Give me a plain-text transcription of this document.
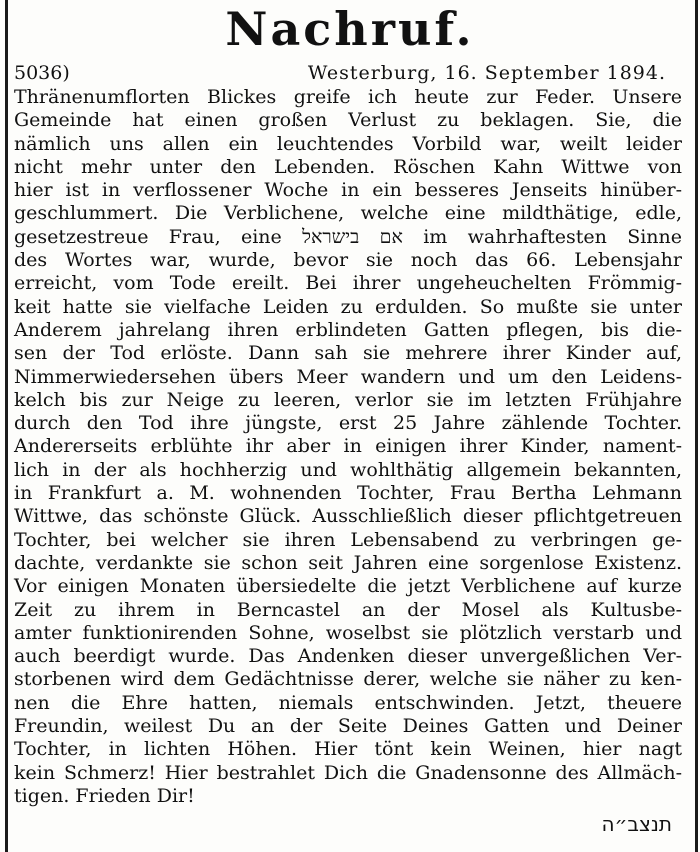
Nachruf.
5036)	Westerburg, 16. September 1894.
Thränenumflorten Blickes greife ich heute zur Feder. Unsere
Gemeinde hat einen großen Verlust zu beklagen. Sie, die
nämlich uns allen ein leuchtendes Vorbild war, weilt leider
nicht mehr unter den Lebenden. Röschen Kahn Wittwe von
hier ist in verflossener Woche in ein besseres Jenseits hinüber-
geschlummert. Die Verblichene, welche eine mildthätige, edle,
gesetzestreue Frau, eine אם בישראל im wahrhaftesten Sinne
des Wortes war, wurde, bevor sie noch das 66. Lebensjahr
erreicht, vom Tode ereilt. Bei ihrer ungeheuchelten Frömmig-
keit hatte sie vielfache Leiden zu erdulden. So mußte sie unter
Anderem jahrelang ihren erblindeten Gatten pflegen, bis die-
sen der Tod erlöste. Dann sah sie mehrere ihrer Kinder auf,
Nimmerwiedersehen übers Meer wandern und um den Leidens-
kelch bis zur Neige zu leeren, verlor sie im letzten Frühjahre
durch den Tod ihre jüngste, erst 25 Jahre zählende Tochter.
Andererseits erblühte ihr aber in einigen ihrer Kinder, nament-
lich in der als hochherzig und wohlthätig allgemein bekannten,
in Frankfurt a. M. wohnenden Tochter, Frau Bertha Lehmann
Wittwe, das schönste Glück. Ausschließlich dieser pflichtgetreuen
Tochter, bei welcher sie ihren Lebensabend zu verbringen ge-
dachte, verdankte sie schon seit Jahren eine sorgenlose Existenz.
Vor einigen Monaten übersiedelte die jetzt Verblichene auf kurze
Zeit zu ihrem in Berncastel an der Mosel als Kultusbe-
amter funktionirenden Sohne, woselbst sie plötzlich verstarb und
auch beerdigt wurde. Das Andenken dieser unvergeßlichen Ver-
storbenen wird dem Gedächtnisse derer, welche sie näher zu ken-
nen die Ehre hatten, niemals entschwinden. Jetzt, theuere
Freundin, weilest Du an der Seite Deines Gatten und Deiner
Tochter, in lichten Höhen. Hier tönt kein Weinen, hier nagt
kein Schmerz! Hier bestrahlet Dich die Gnadensonne des Allmäch-
tigen. Frieden Dir!
תנצב״ה
